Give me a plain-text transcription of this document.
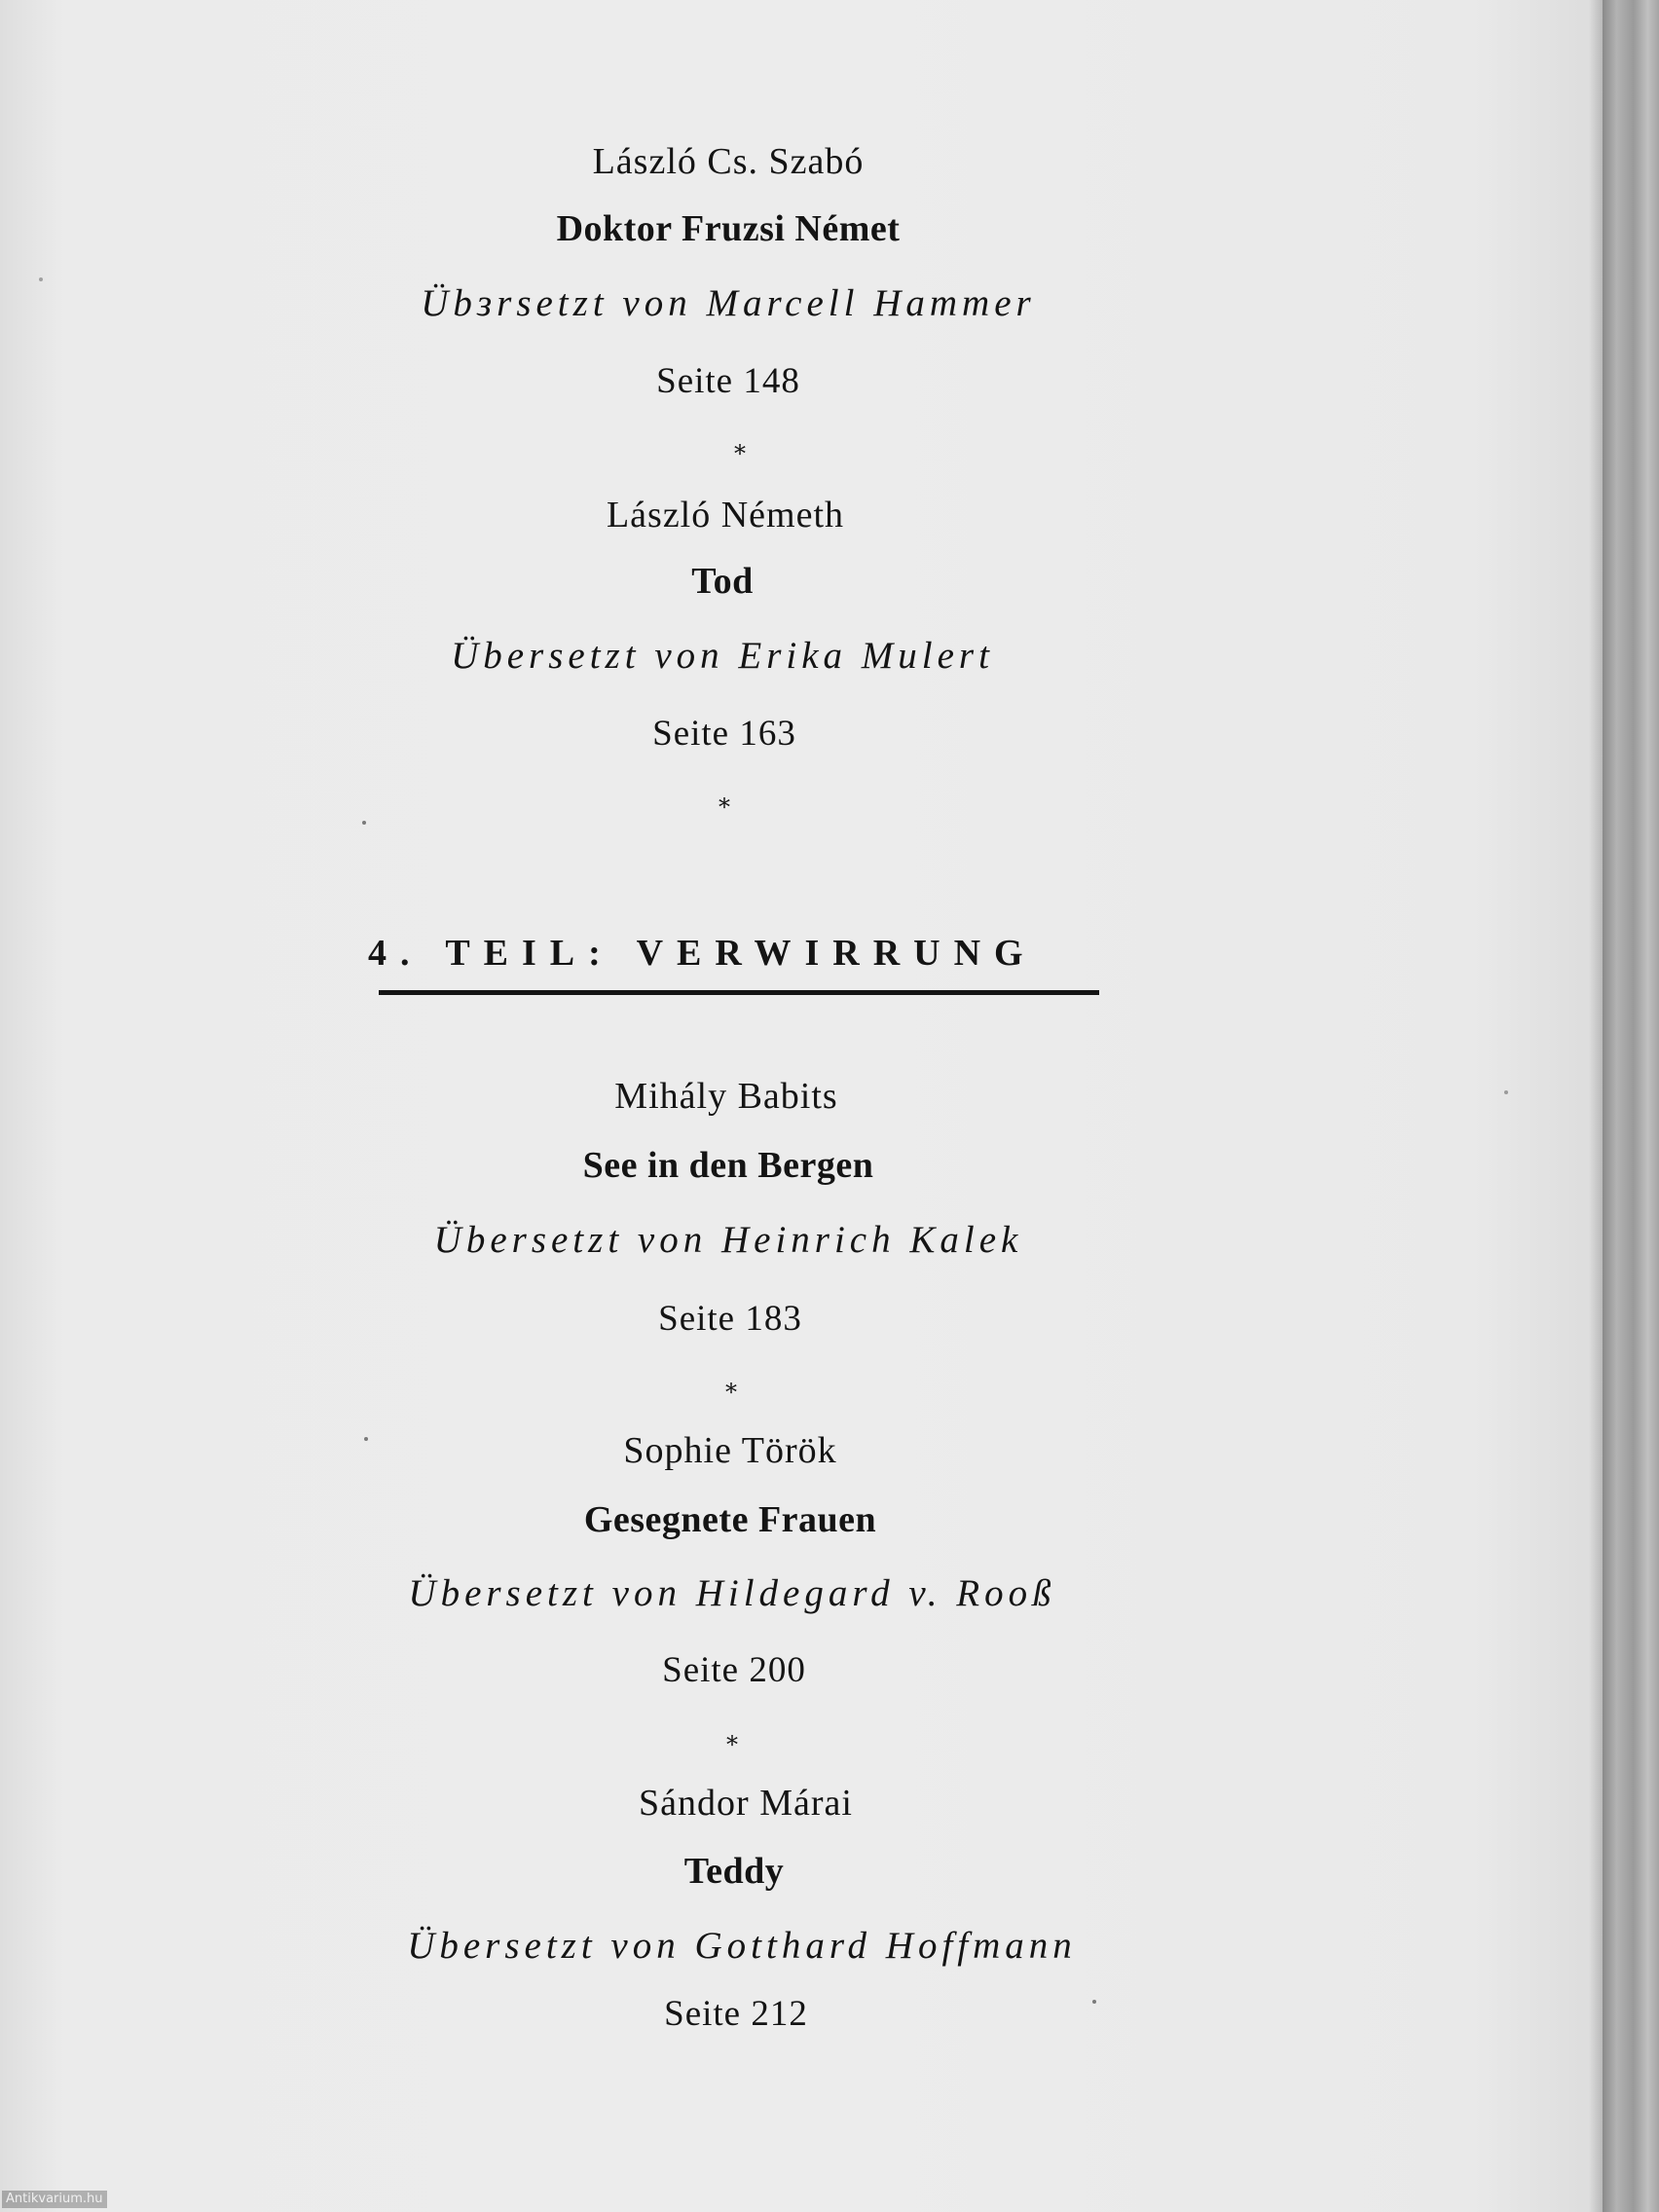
László Cs. Szabó
Doktor Fruzsi Német
Übзrsetzt von Marcell Hammer
Seite 148
*
László Németh
Tod
Übersetzt von Erika Mulert
Seite 163
*
4. TEIL: VERWIRRUNG
Mihály Babits
See in den Bergen
Übersetzt von Heinrich Kalek
Seite 183
*
Sophie Török
Gesegnete Frauen
Übersetzt von Hildegard v. Rooß
Seite 200
*
Sándor Márai
Teddy
Übersetzt von Gotthard Hoffmann
Seite 212
Antikvarium.hu
